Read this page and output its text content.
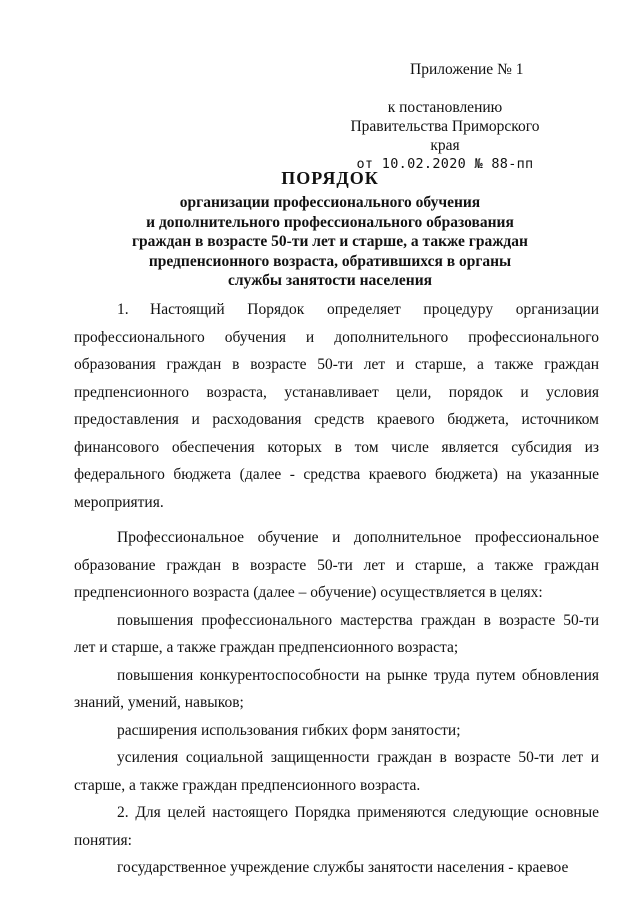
Приложение № 1
к постановлению
Правительства Приморского края
от 10.02.2020 № 88-пп
ПОРЯДОК
организации профессионального обучения
и дополнительного профессионального образования
граждан в возрасте 50-ти лет и старше, а также граждан
предпенсионного возраста, обратившихся в органы
службы занятости населения

1. Настоящий Порядок определяет процедуру организации профессионального обучения и дополнительного профессионального образования граждан в возрасте 50-ти лет и старше, а также граждан предпенсионного возраста, устанавливает цели, порядок и условия предоставления и расходования средств краевого бюджета, источником финансового обеспечения которых в том числе является субсидия из федерального бюджета (далее - средства краевого бюджета) на указанные мероприятия.

Профессиональное обучение и дополнительное профессиональное образование граждан в возрасте 50-ти лет и старше, а также граждан предпенсионного возраста (далее – обучение) осуществляется в целях:

повышения профессионального мастерства граждан в возрасте 50-ти лет и старше, а также граждан предпенсионного возраста;

повышения конкурентоспособности на рынке труда путем обновления знаний, умений, навыков;

расширения использования гибких форм занятости;

усиления социальной защищенности граждан в возрасте 50-ти лет и старше, а также граждан предпенсионного возраста.

2. Для целей настоящего Порядка применяются следующие основные понятия:

государственное учреждение службы занятости населения - краевое
